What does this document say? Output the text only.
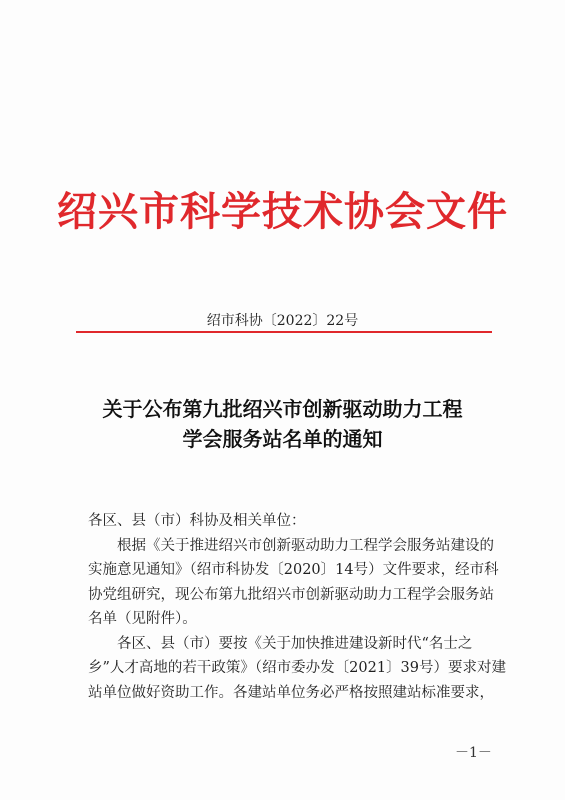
绍兴市科学技术协会文件
绍市科协〔2022〕22号
关于公布第九批绍兴市创新驱动助力工程
学会服务站名单的通知

各区、县（市）科协及相关单位：

根据《关于推进绍兴市创新驱动助力工程学会服务站建设的实施意见通知》（绍市科协发〔2020〕14号）文件要求，经市科协党组研究，现公布第九批绍兴市创新驱动助力工程学会服务站名单（见附件）。

各区、县（市）要按《关于加快推进建设新时代“名士之乡”人才高地的若干政策》（绍市委办发〔2021〕39号）要求对建站单位做好资助工作。各建站单位务必严格按照建站标准要求，

－1－
